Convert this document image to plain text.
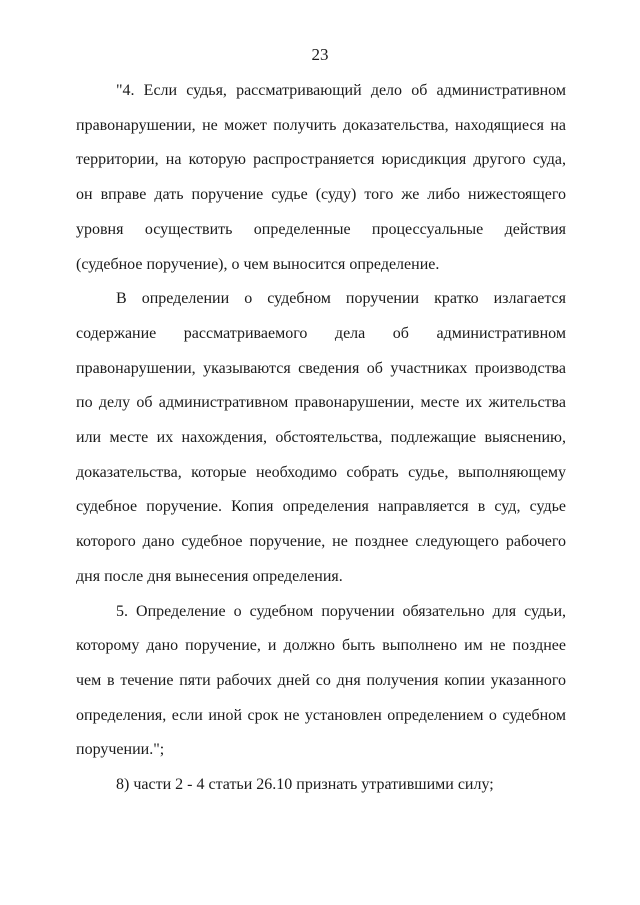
23

"4. Если судья, рассматривающий дело об административном правонарушении, не может получить доказательства, находящиеся на территории, на которую распространяется юрисдикция другого суда, он вправе дать поручение судье (суду) того же либо нижестоящего уровня осуществить определенные процессуальные действия (судебное поручение), о чем выносится определение.

В определении о судебном поручении кратко излагается содержание рассматриваемого дела об административном правонарушении, указываются сведения об участниках производства по делу об административном правонарушении, месте их жительства или месте их нахождения, обстоятельства, подлежащие выяснению, доказательства, которые необходимо собрать судье, выполняющему судебное поручение. Копия определения направляется в суд, судье которого дано судебное поручение, не позднее следующего рабочего дня после дня вынесения определения.

5. Определение о судебном поручении обязательно для судьи, которому дано поручение, и должно быть выполнено им не позднее чем в течение пяти рабочих дней со дня получения копии указанного определения, если иной срок не установлен определением о судебном поручении.";

8) части 2 - 4 статьи 26.10 признать утратившими силу;
